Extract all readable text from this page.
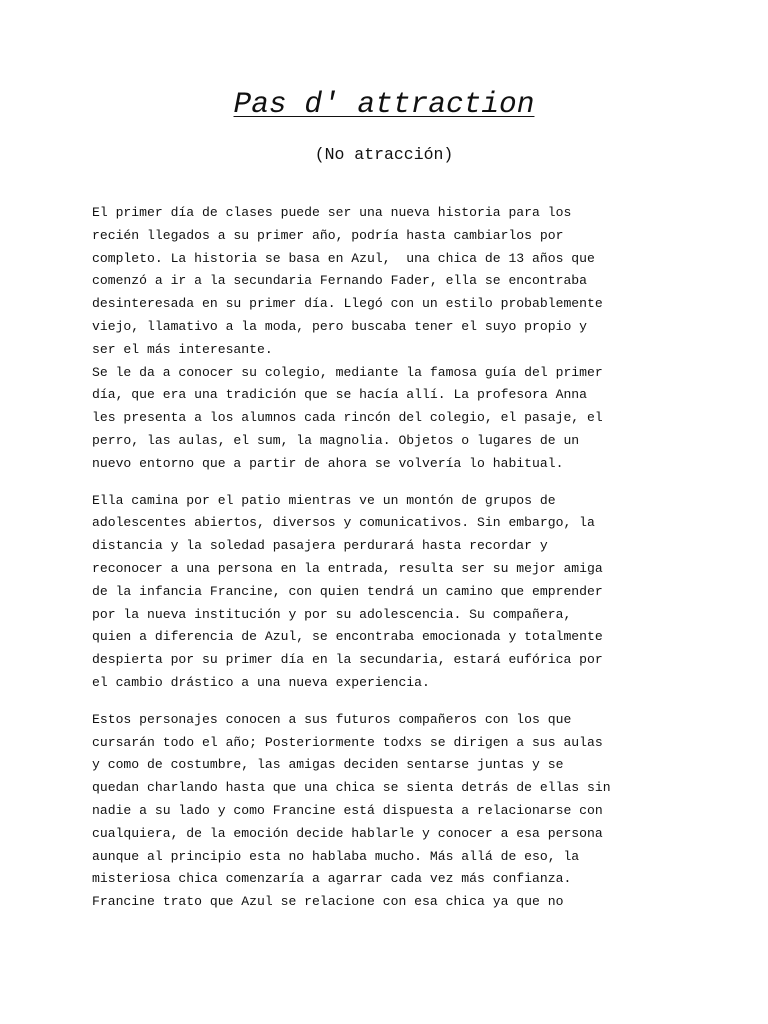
Pas d' attraction
(No atracción)
El primer día de clases puede ser una nueva historia para los
recién llegados a su primer año, podría hasta cambiarlos por
completo. La historia se basa en Azul,  una chica de 13 años que
comenzó a ir a la secundaria Fernando Fader, ella se encontraba
desinteresada en su primer día. Llegó con un estilo probablemente
viejo, llamativo a la moda, pero buscaba tener el suyo propio y
ser el más interesante.
Se le da a conocer su colegio, mediante la famosa guía del primer
día, que era una tradición que se hacía allí. La profesora Anna
les presenta a los alumnos cada rincón del colegio, el pasaje, el
perro, las aulas, el sum, la magnolia. Objetos o lugares de un
nuevo entorno que a partir de ahora se volvería lo habitual.
Ella camina por el patio mientras ve un montón de grupos de
adolescentes abiertos, diversos y comunicativos. Sin embargo, la
distancia y la soledad pasajera perdurará hasta recordar y
reconocer a una persona en la entrada, resulta ser su mejor amiga
de la infancia Francine, con quien tendrá un camino que emprender
por la nueva institución y por su adolescencia. Su compañera,
quien a diferencia de Azul, se encontraba emocionada y totalmente
despierta por su primer día en la secundaria, estará eufórica por
el cambio drástico a una nueva experiencia.
Estos personajes conocen a sus futuros compañeros con los que
cursarán todo el año; Posteriormente todxs se dirigen a sus aulas
y como de costumbre, las amigas deciden sentarse juntas y se
quedan charlando hasta que una chica se sienta detrás de ellas sin
nadie a su lado y como Francine está dispuesta a relacionarse con
cualquiera, de la emoción decide hablarle y conocer a esa persona
aunque al principio esta no hablaba mucho. Más allá de eso, la
misteriosa chica comenzaría a agarrar cada vez más confianza.
Francine trato que Azul se relacione con esa chica ya que no
